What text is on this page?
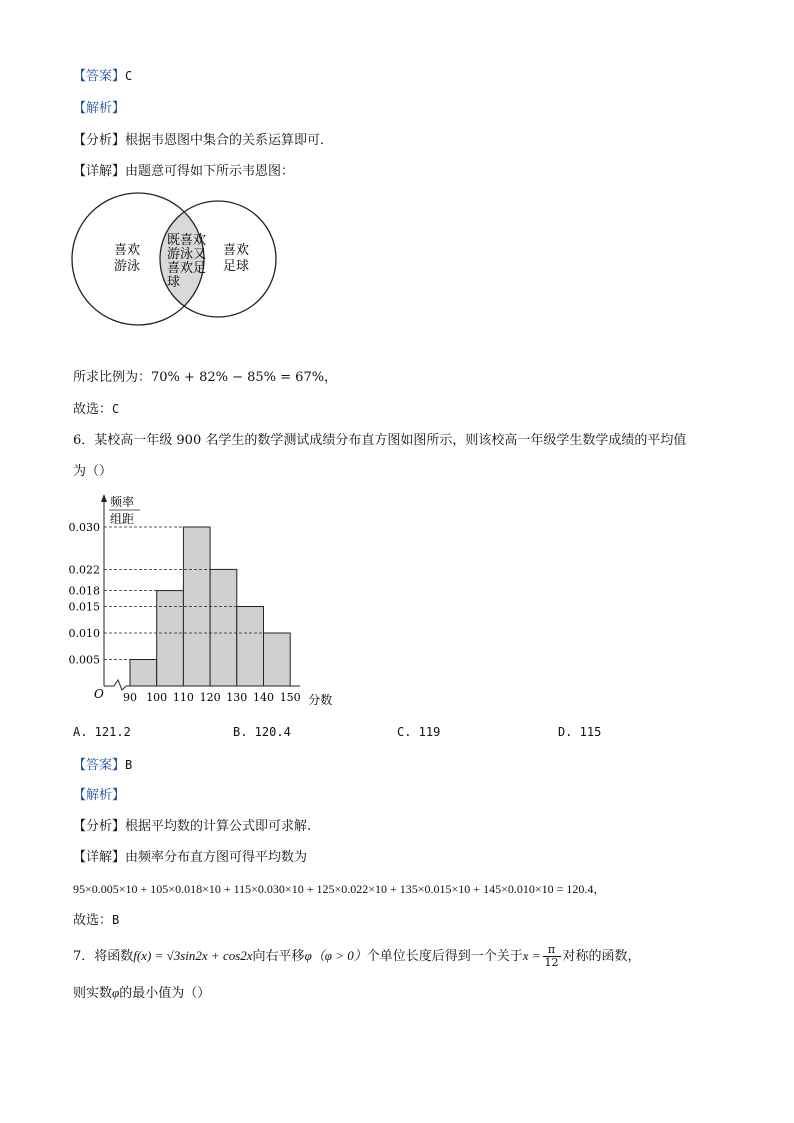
【答案】C
【解析】
【分析】根据韦恩图中集合的关系运算即可．
【详解】由题意可得如下所示韦恩图：
喜欢
游泳
既喜欢
游泳又
喜欢足
球
喜欢
足球
所求比例为：70% + 82% − 85% = 67%，
故选：C
6．某校高一年级 900 名学生的数学测试成绩分布直方图如图所示，则该校高一年级学生数学成绩的平均值
为（）
0.030
0.022
0.018
0.015
0.010
0.005
O 90 100 110 120 130 140 150 分数
频率
组距
A. 121.2	B. 120.4	C. 119	D. 115
【答案】B
【解析】
【分析】根据平均数的计算公式即可求解.
【详解】由频率分布直方图可得平均数为
95×0.005×10 + 105×0.018×10 + 115×0.030×10 + 125×0.022×10 + 135×0.015×10 + 145×0.010×10 = 120.4，
故选：B
7．将函数f(x) = √3sin2x + cos2x向右平移φ（φ > 0）个单位长度后得到一个关于$x = \frac{\pi}{12}$ 对称的函数，
则实数φ的最小值为（）
